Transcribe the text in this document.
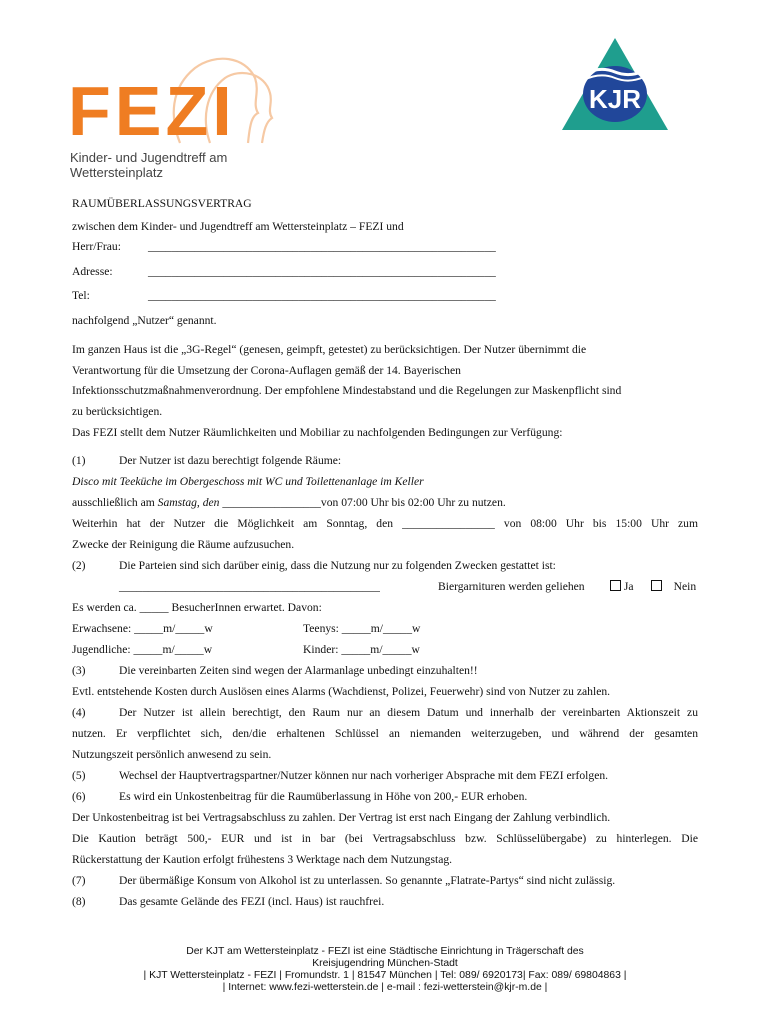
FEZI
Kinder- und Jugendtreff am Wettersteinplatz
KJR
RAUMÜBERLASSUNGSVERTRAG
zwischen dem Kinder- und Jugendtreff am Wettersteinplatz – FEZI und
Herr/Frau: ____________________________________________________________
Adresse:	____________________________________________________________
Tel:	____________________________________________________________
nachfolgend „Nutzer“ genannt.
Im ganzen Haus ist die „3G-Regel“ (genesen, geimpft, getestet) zu berücksichtigen. Der Nutzer übernimmt die
Verantwortung für die Umsetzung der Corona-Auflagen gemäß der 14. Bayerischen
Infektionsschutzmaßnahmenverordnung. Der empfohlene Mindestabstand und die Regelungen zur Maskenpflicht sind
zu berücksichtigen.
Das FEZI stellt dem Nutzer Räumlichkeiten und Mobiliar zu nachfolgenden Bedingungen zur Verfügung:
(1)	Der Nutzer ist dazu berechtigt folgende Räume:
Disco mit Teeküche im Obergeschoss mit WC und Toilettenanlage im Keller
ausschließlich am Samstag, den _________________von 07:00 Uhr bis 02:00 Uhr zu nutzen.
Weiterhin hat der Nutzer die Möglichkeit am Sonntag, den ________________ von 08:00 Uhr bis 15:00 Uhr zum
Zwecke der Reinigung die Räume aufzusuchen.
(2)	Die Parteien sind sich darüber einig, dass die Nutzung nur zu folgenden Zwecken gestattet ist:
_____________________________________________	Biergarnituren werden geliehen	Ja	Nein
Es werden ca. _____ BesucherInnen erwartet. Davon:
Erwachsene: _____m/_____w	Teenys: _____m/_____w
Jugendliche: _____m/_____w	Kinder: _____m/_____w
(3)	Die vereinbarten Zeiten sind wegen der Alarmanlage unbedingt einzuhalten!!
Evtl. entstehende Kosten durch Auslösen eines Alarms (Wachdienst, Polizei, Feuerwehr) sind von Nutzer zu zahlen.
(4)	Der Nutzer ist allein berechtigt, den Raum nur an diesem Datum und innerhalb der vereinbarten Aktionszeit zu
nutzen. Er verpflichtet sich, den/die erhaltenen Schlüssel an niemanden weiterzugeben, und während der gesamten
Nutzungszeit persönlich anwesend zu sein.
(5)	Wechsel der Hauptvertragspartner/Nutzer können nur nach vorheriger Absprache mit dem FEZI erfolgen.
(6)	Es wird ein Unkostenbeitrag für die Raumüberlassung in Höhe von 200,- EUR erhoben.
Der Unkostenbeitrag ist bei Vertragsabschluss zu zahlen. Der Vertrag ist erst nach Eingang der Zahlung verbindlich.
Die Kaution beträgt 500,- EUR und ist in bar (bei Vertragsabschluss bzw. Schlüsselübergabe) zu hinterlegen. Die
Rückerstattung der Kaution erfolgt frühestens 3 Werktage nach dem Nutzungstag.
(7)	Der übermäßige Konsum von Alkohol ist zu unterlassen. So genannte „Flatrate-Partys“ sind nicht zulässig.
(8)	Das gesamte Gelände des FEZI (incl. Haus) ist rauchfrei.
Der KJT am Wettersteinplatz - FEZI ist eine Städtische Einrichtung in Trägerschaft des
Kreisjugendring München-Stadt
| KJT Wettersteinplatz - FEZI | Fromundstr. 1 | 81547 München | Tel: 089/ 6920173| Fax: 089/ 69804863 |
| Internet: www.fezi-wetterstein.de | e-mail : fezi-wetterstein@kjr-m.de |
